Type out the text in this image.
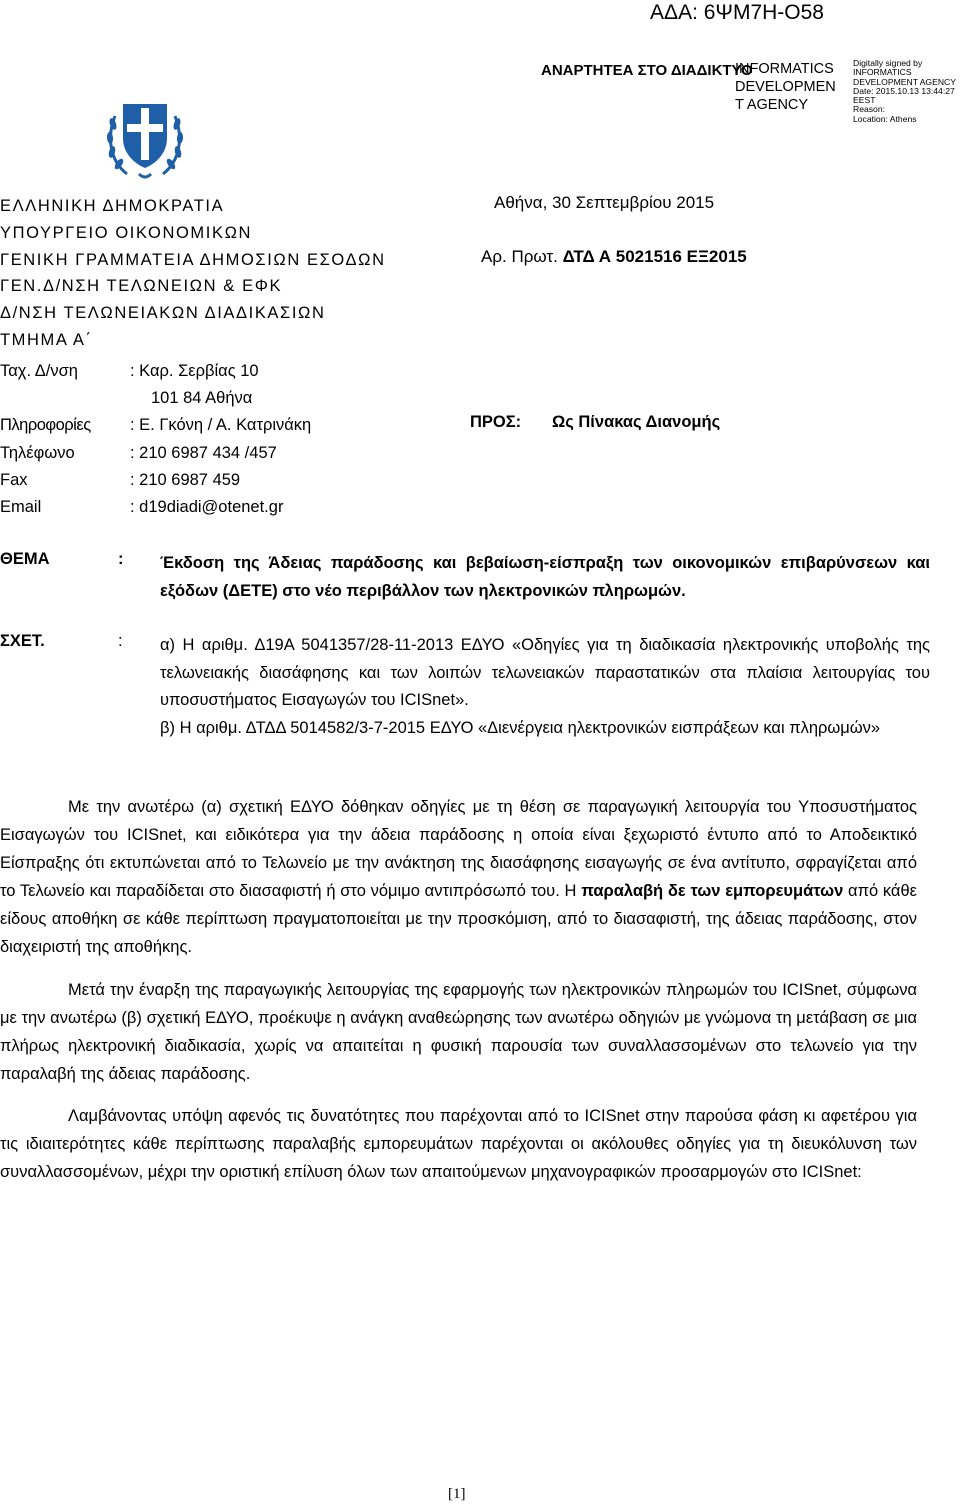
ΑΔΑ: 6ΨΜ7Η-Ο58
ΑΝΑΡΤΗΤΕΑ ΣΤΟ ΔΙΑΔΙΚΤΥΟ
INFORMATICS
DEVELOPMEN
T AGENCY
Digitally signed by
INFORMATICS
DEVELOPMENT AGENCY
Date: 2015.10.13 13:44:27
EEST
Reason:
Location: Athens
ΕΛΛΗΝΙΚΗ ΔΗΜΟΚΡΑΤΙΑ
ΥΠΟΥΡΓΕΙΟ ΟΙΚΟΝΟΜΙΚΩΝ
ΓΕΝΙΚΗ ΓΡΑΜΜΑΤΕΙΑ ΔΗΜΟΣΙΩΝ ΕΣΟΔΩΝ
ΓΕΝ.Δ/ΝΣΗ ΤΕΛΩΝΕΙΩΝ & ΕΦΚ
Δ/ΝΣΗ ΤΕΛΩΝΕΙΑΚΩΝ ΔΙΑΔΙΚΑΣΙΩΝ
ΤΜΗΜΑ Α΄
Αθήνα, 30 Σεπτεμβρίου 2015
Αρ. Πρωτ. ΔΤΔ Α 5021516 ΕΞ2015
Ταχ. Δ/νση	: Καρ. Σερβίας 10
101 84 Αθήνα
Πληροφορίες	: Ε. Γκόνη / Α. Κατρινάκη
Τηλέφωνο	: 210 6987 434 /457
Fax	: 210 6987 459
Email	: d19diadi@otenet.gr
ΠΡΟΣ: Ως Πίνακας Διανομής
ΘΕΜΑ	: Έκδοση της Άδειας παράδοσης και βεβαίωση-είσπραξη των οικονομικών επιβαρύνσεων και εξόδων (ΔΕΤΕ) στο νέο περιβάλλον των ηλεκτρονικών πληρωμών.
ΣΧΕΤ.	: α) Η αριθμ. Δ19Α 5041357/28-11-2013 ΕΔΥΟ «Οδηγίες για τη διαδικασία ηλεκτρονικής υποβολής της τελωνειακής διασάφησης και των λοιπών τελωνειακών παραστατικών στα πλαίσια λειτουργίας του υποσυστήματος Εισαγωγών του ICISnet».

β) Η αριθμ. ΔΤΔΔ 5014582/3-7-2015 ΕΔΥΟ «Διενέργεια ηλεκτρονικών εισπράξεων και πληρωμών»

Με την ανωτέρω (α) σχετική ΕΔΥΟ δόθηκαν οδηγίες με τη θέση σε παραγωγική λειτουργία του Υποσυστήματος Εισαγωγών του ICISnet, και ειδικότερα για την άδεια παράδοσης η οποία είναι ξεχωριστό έντυπο από το Αποδεικτικό Είσπραξης ότι εκτυπώνεται από το Τελωνείο με την ανάκτηση της διασάφησης εισαγωγής σε ένα αντίτυπο, σφραγίζεται από το Τελωνείο και παραδίδεται στο διασαφιστή ή στο νόμιμο αντιπρόσωπό του. Η παραλαβή δε των εμπορευμάτων από κάθε είδους αποθήκη σε κάθε περίπτωση πραγματοποιείται με την προσκόμιση, από το διασαφιστή, της άδειας παράδοσης, στον διαχειριστή της αποθήκης.

Μετά την έναρξη της παραγωγικής λειτουργίας της εφαρμογής των ηλεκτρονικών πληρωμών του ICISnet, σύμφωνα με την ανωτέρω (β) σχετική ΕΔΥΟ, προέκυψε η ανάγκη αναθεώρησης των ανωτέρω οδηγιών με γνώμονα τη μετάβαση σε μια πλήρως ηλεκτρονική διαδικασία, χωρίς να απαιτείται η φυσική παρουσία των συναλλασσομένων στο τελωνείο για την παραλαβή της άδειας παράδοσης.

Λαμβάνοντας υπόψη αφενός τις δυνατότητες που παρέχονται από το ICISnet στην παρούσα φάση κι αφετέρου για τις ιδιαιτερότητες κάθε περίπτωσης παραλαβής εμπορευμάτων παρέχονται οι ακόλουθες οδηγίες για τη διευκόλυνση των συναλλασσομένων, μέχρι την οριστική επίλυση όλων των απαιτούμενων μηχανογραφικών προσαρμογών στο ICISnet:

[1]
